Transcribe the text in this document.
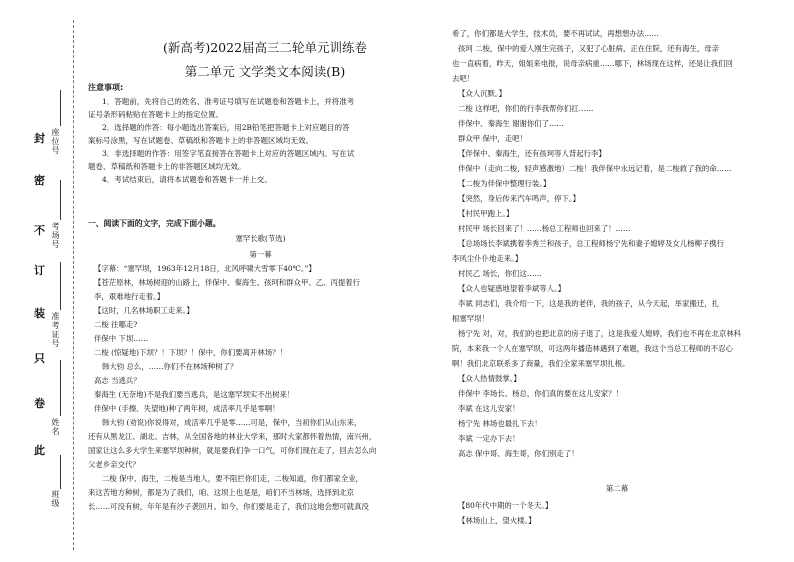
封
密
不
订
装
只
卷
此
座位号
考场号
准考证号
姓名
班级
(新高考)2022届高三二轮单元训练卷
第二单元 文学类文本阅读(B)
注意事项:
1．答题前，先将自己的姓名、准考证号填写在试题卷和答题卡上，并将准考
证号条形码粘贴在答题卡上的指定位置。
2．选择题的作答：每小题选出答案后，用2B铅笔把答题卡上对应题目的答
案标号涂黑，写在试题卷、草稿纸和答题卡上的非答题区域均无效。
3．非选择题的作答：用签字笔直接答在答题卡上对应的答题区域内。写在试
题卷、草稿纸和答题卡上的非答题区域均无效。
4．考试结束后，请将本试题卷和答题卡一并上交。
一、阅读下面的文字，完成下面小题。
塞罕长歌(节选)
第一幕
【字幕：“塞罕坝，1963年12月18日，北风呼啸大雪零下40℃。”】
【苍茫原林，林场树迎的山路上，伴保中、秦海生、孩珂和群众甲、乙、丙提着行
李，艰难地行走着。】
【这时，几名林场职工走来。】
二梭 往哪走?
伴保中 下坝……
二梭 (惊疑地)下坝？！下坝？！保中，你们要离开林场？！
韩大钧 总么，……你们不在林场种树了？
高志 当逃兵？
秦海生 (无奈地)不是我们要当逃兵，是这塞罕坝实不出树来！
伴保中 (手擦、失望地)种了两年树，成活率几乎是零啊！
韩大钧 (劝说)你说得对，成活率几乎是零……可是，保中，当初你们从山东来，
还有从黑龙江、湖北、吉林，从全国各地的林业大学来，那时大家都怀着热情，南兴州，
国家让这么多大学生来塞罕坝种树，就是要我们争一口气，可你们现在走了，回去怎么向
父老乡亲交代？
二梭 保中、海生，二梭是当地人，要不阻拦你们走，二梭知道，你们都家全业，
来这苦地方种树，都是为了我们，咱、这坝上也是是，咱们不当林场，选择到北京
长……可没有树，年年是有沙子袭回月。如今，你们要是走了，我们这地会想可就真没
希了，你们都是大学生，技术员，要不再试试，再想想办法……
孩珂 二梭，保中的爱人刚生完孩子，又犯了心脏病，正在住院，还有海生，母亲
也一直病着，昨天，姐姐来电报，说母亲病重……哪下，林场现在这样，还是让我们回
去吧！
【众人沉默。】
二梭 这样吧，你们的行李我帮你们扛……
伴保中、秦海生 谢谢你们了……
群众甲 保中，走吧！
【伴保中、秦海生，还有孩珂等人背起行李】
伴保中（走向二梭，轻声感激地）二梭！我伴保中永远记着，是二梭救了我的命……
【二梭为伴保中整理行装。】
【突然，身后传来汽车鸣声，停下。】
【村民甲跑上。】
村民甲 场长回来了！……杨总工程师也回来了！……
【总场场长李斌携着李秀兰和孩子，总工程师杨宁先和妻子媳婷及女儿杨柳子携行
李风尘仆仆地走来。】
村民乙 场长，你们这……
【众人也疑惑地望着李斌等人。】
李斌 同志们，我介绍一下，这是我的老伴，我的孩子，从今天起，举家搬迁，扎
根塞罕坝！
杨宁先 对，对，我们的也把北京的房子退了，这是我爱人媳婷，我们也不再在北京林科
院，本来我一个人在塞罕坝，可这两年播造林遇到了难题，我这个当总工程师的不忍心
啊！我们北京联系多了商量，我们全家来塞罕坝扎根。
【众人热情鼓掌。】
伴保中 李场长、杨总，你们真的要在这儿安家？！
李斌 在这儿安家！
杨宁先 林场也最扎下去！
李斌 一定办下去！
高志 保中哥、海生哥，你们别走了！
第二幕
【80年代中期的一个冬天。】
【林场山上，望火楼。】
